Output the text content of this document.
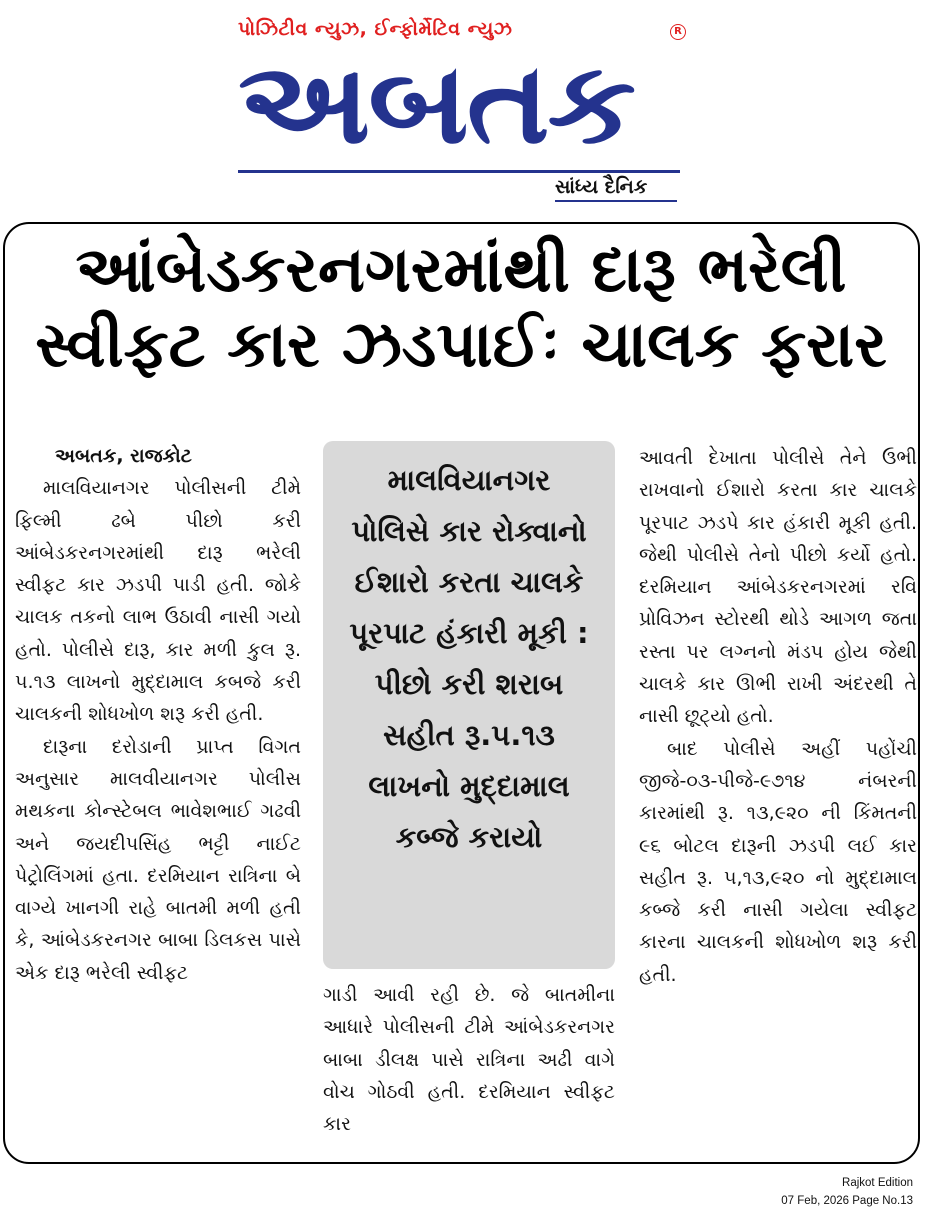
પોઝિટીવ ન્યુઝ, ઈન્ફોર્મેટિવ ન્યુઝ	R
અબતક
સાંધ્ય દૈનિક
આંબેડકરનગરમાંથી દારૂ ભરેલી
સ્વીફટ કાર ઝડપાઈઃ ચાલક ફરાર

અબતક, રાજકોટ

માલવિયાનગર પોલીસની ટીમે ફિલ્મી ઢબે પીછો કરી આંબેડકરનગરમાંથી દારૂ ભરેલી સ્વીફટ કાર ઝડપી પાડી હતી. જોકે ચાલક તકનો લાભ ઉઠાવી નાસી ગયો હતો. પોલીસે દારૂ, કાર મળી કુલ રૂ. ૫.૧૩ લાખનો મુદ્દામાલ કબજે કરી ચાલકની શોધખોળ શરૂ કરી હતી.

દારૂના દરોડાની પ્રાપ્ત વિગત અનુસાર માલવીયાનગર પોલીસ મથકના કોન્સ્ટેબલ ભાવેશભાઈ ગઢવી અને જયદીપસિંહ ભટ્ટી નાઈટ પેટ્રોલિંગમાં હતા. દરમિયાન રાત્રિના બે વાગ્યે ખાનગી રાહે બાતમી મળી હતી કે, આંબેડકરનગર બાબા ડિલકસ પાસે એક દારૂ ભરેલી સ્વીફટ

માલવિયાનગર
પોલિસે કાર રોક્વાનો
ઈશારો કરતા ચાલકે
પૂરપાટ હંકારી મૂકી :
પીછો કરી શરાબ
સહીત રૂ.૫.૧૩
લાખનો મુદ્દામાલ
કબ્જે કરાયો

ગાડી આવી રહી છે. જે બાતમીના આધારે પોલીસની ટીમે આંબેડકરનગર બાબા ડીલક્ષ પાસે રાત્રિના અઢી વાગે વોચ ગોઠવી હતી. દરમિયાન સ્વીફટ કાર

આવતી દેખાતા પોલીસે તેને ઉભી રાખવાનો ઈશારો કરતા કાર ચાલકે પૂરપાટ ઝડપે કાર હંકારી મૂકી હતી. જેથી પોલીસે તેનો પીછો કર્યો હતો. દરમિયાન આંબેડકરનગરમાં રવિ પ્રોવિઝન સ્ટોરથી થોડે આગળ જતા રસ્તા પર લગ્નનો મંડપ હોય જેથી ચાલકે કાર ઊભી રાખી અંદરથી તે નાસી છૂટ્યો હતો.

બાદ પોલીસે અહીં પહોંચી જીજે-૦૩-પીજે-૯૭૧૪ નંબરની કારમાંથી રૂ. ૧૩,૯૨૦ ની કિંમતની ૯૬ બોટલ દારૂની ઝડપી લઈ કાર સહીત રૂ. ૫,૧૩,૯૨૦ નો મુદ્દામાલ કબ્જે કરી નાસી ગયેલા સ્વીફટ કારના ચાલકની શોધખોળ શરૂ કરી હતી.

Rajkot Edition
07 Feb, 2026 Page No.13
